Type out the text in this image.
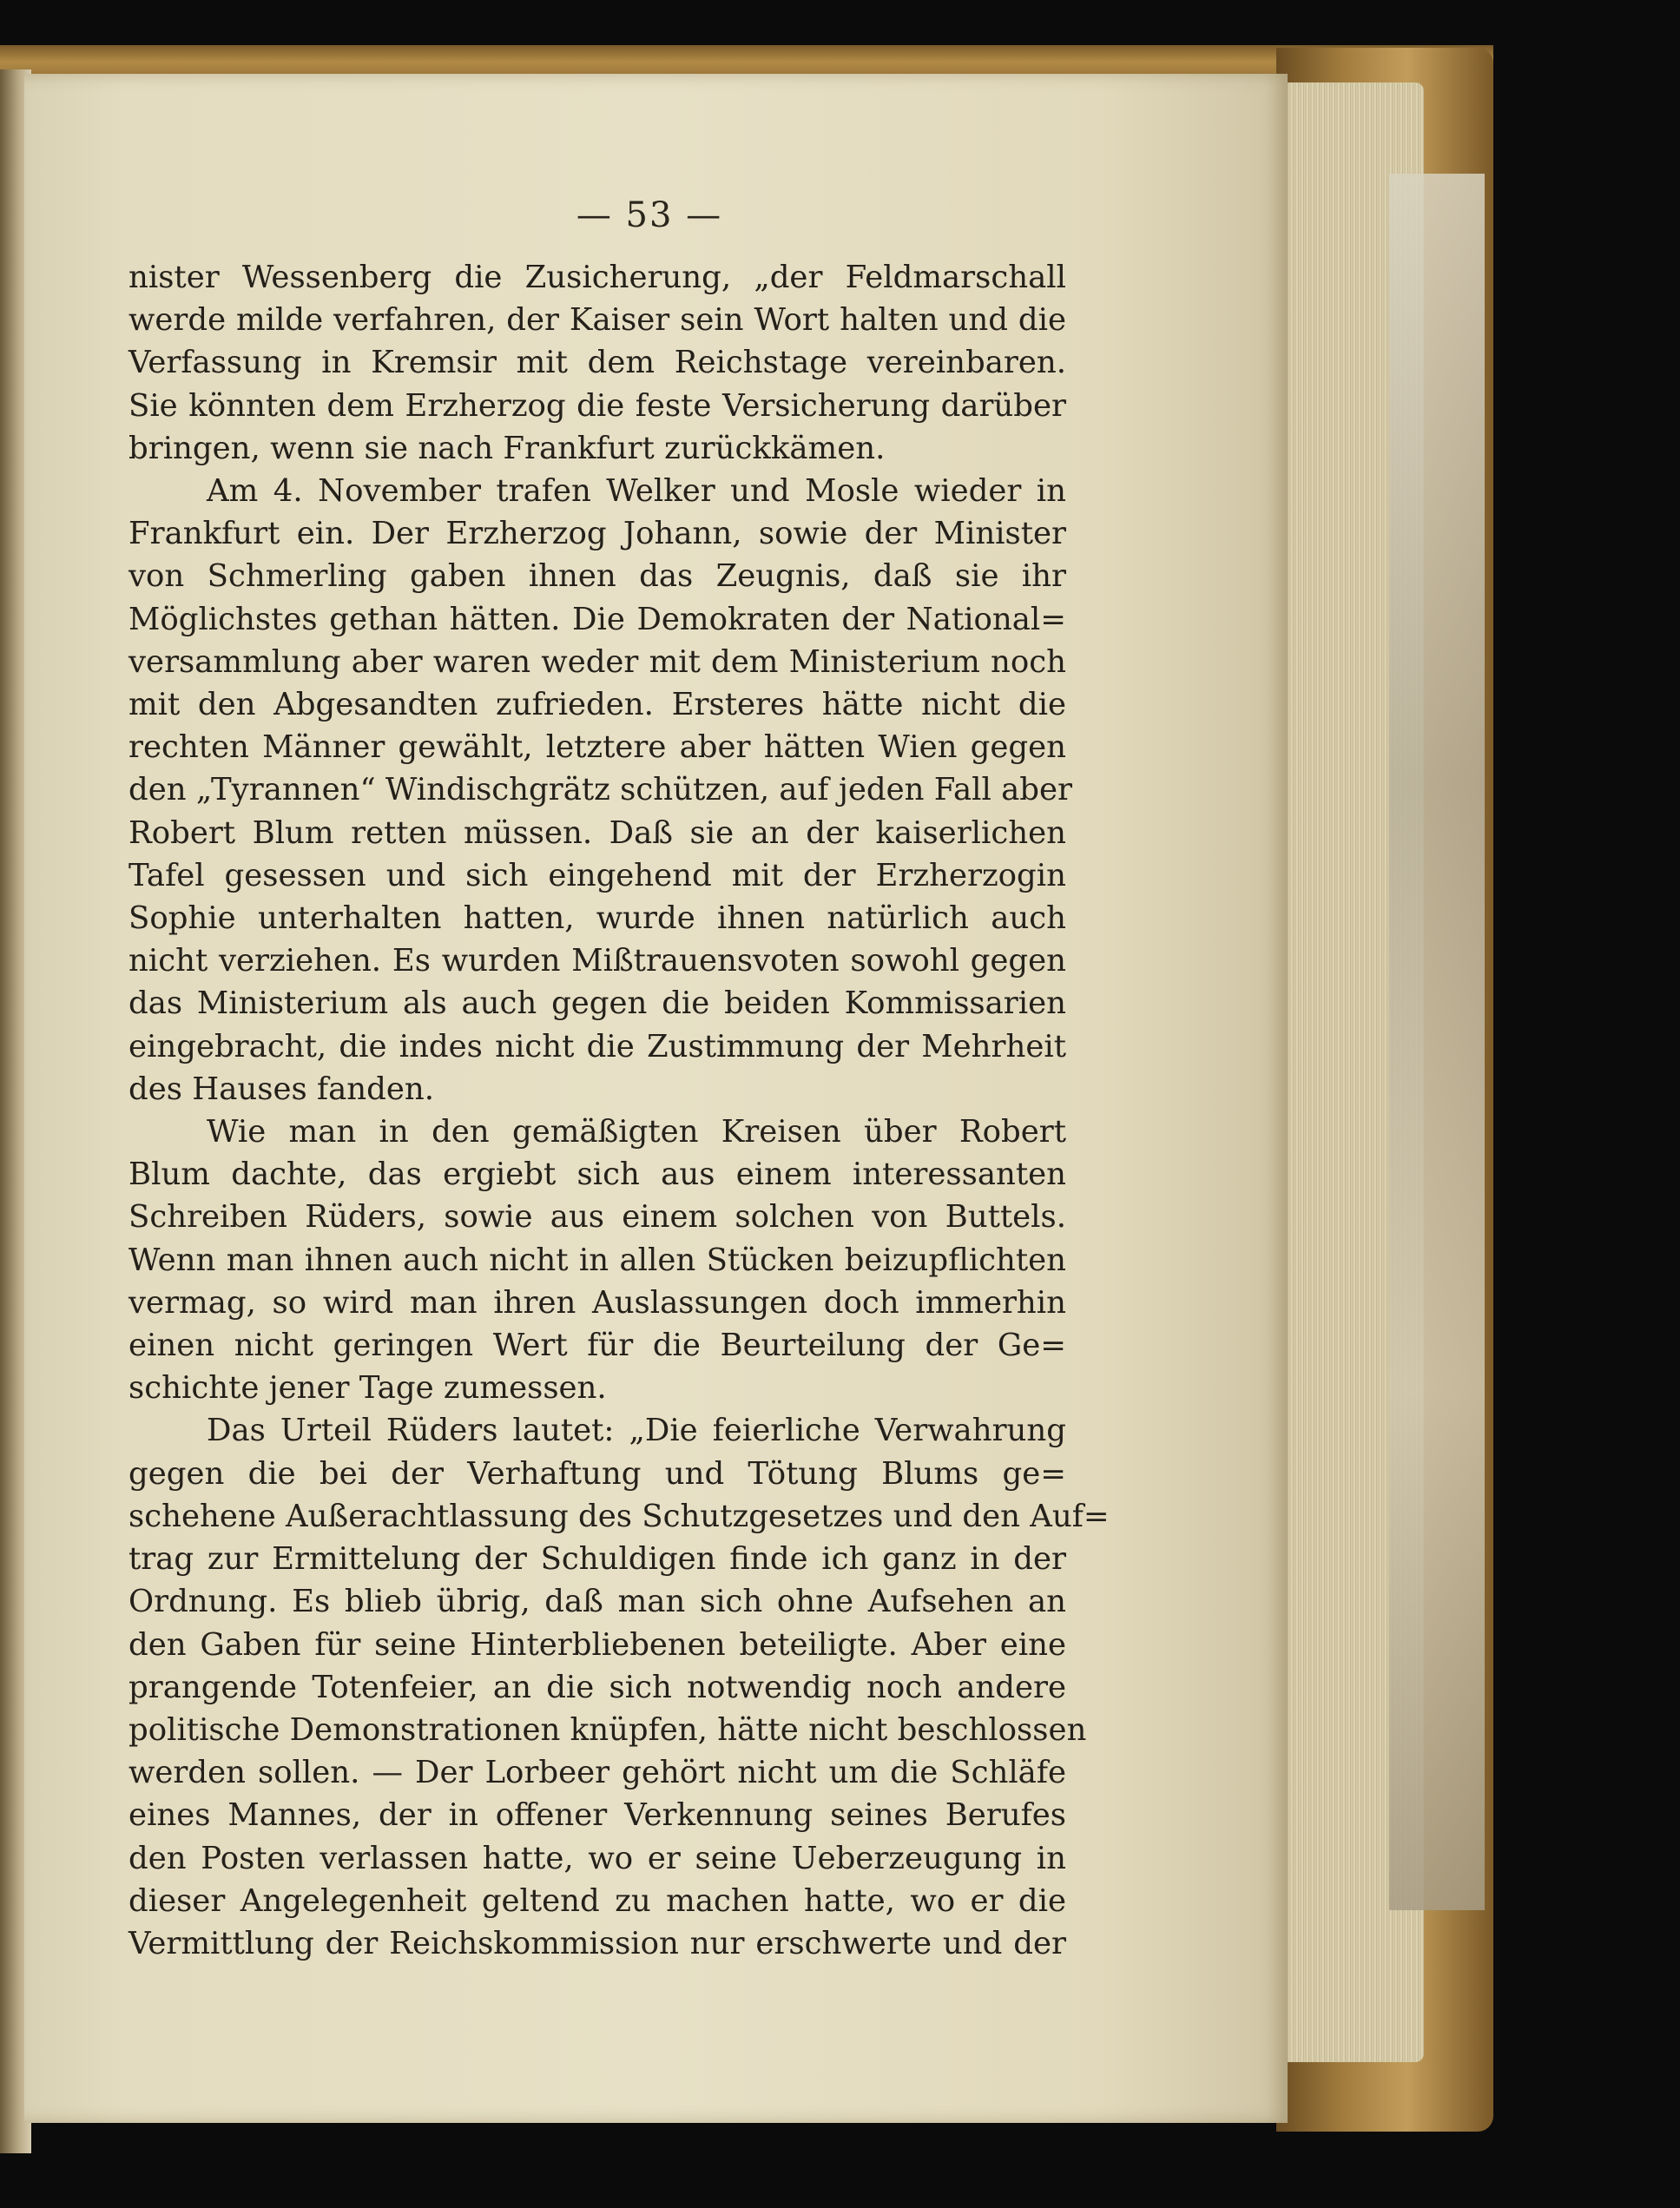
— 53 —

nister Wessenberg die Zusicherung, „der Feldmarschall
werde milde verfahren, der Kaiser sein Wort halten und die
Verfassung in Kremsir mit dem Reichstage vereinbaren.
Sie könnten dem Erzherzog die feste Versicherung darüber
bringen, wenn sie nach Frankfurt zurückkämen.

Am 4. November trafen Welker und Mosle wieder in
Frankfurt ein. Der Erzherzog Johann, sowie der Minister
von Schmerling gaben ihnen das Zeugnis, daß sie ihr
Möglichstes gethan hätten. Die Demokraten der National=
versammlung aber waren weder mit dem Ministerium noch
mit den Abgesandten zufrieden. Ersteres hätte nicht die
rechten Männer gewählt, letztere aber hätten Wien gegen
den „Tyrannen“ Windischgrätz schützen, auf jeden Fall aber
Robert Blum retten müssen. Daß sie an der kaiserlichen
Tafel gesessen und sich eingehend mit der Erzherzogin
Sophie unterhalten hatten, wurde ihnen natürlich auch
nicht verziehen. Es wurden Mißtrauensvoten sowohl gegen
das Ministerium als auch gegen die beiden Kommissarien
eingebracht, die indes nicht die Zustimmung der Mehrheit
des Hauses fanden.

Wie man in den gemäßigten Kreisen über Robert
Blum dachte, das ergiebt sich aus einem interessanten
Schreiben Rüders, sowie aus einem solchen von Buttels.
Wenn man ihnen auch nicht in allen Stücken beizupflichten
vermag, so wird man ihren Auslassungen doch immerhin
einen nicht geringen Wert für die Beurteilung der Ge=
schichte jener Tage zumessen.

Das Urteil Rüders lautet: „Die feierliche Verwahrung
gegen die bei der Verhaftung und Tötung Blums ge=
schehene Außerachtlassung des Schutzgesetzes und den Auf=
trag zur Ermittelung der Schuldigen finde ich ganz in der
Ordnung. Es blieb übrig, daß man sich ohne Aufsehen an
den Gaben für seine Hinterbliebenen beteiligte. Aber eine
prangende Totenfeier, an die sich notwendig noch andere
politische Demonstrationen knüpfen, hätte nicht beschlossen
werden sollen. — Der Lorbeer gehört nicht um die Schläfe
eines Mannes, der in offener Verkennung seines Berufes
den Posten verlassen hatte, wo er seine Ueberzeugung in
dieser Angelegenheit geltend zu machen hatte, wo er die
Vermittlung der Reichskommission nur erschwerte und der
